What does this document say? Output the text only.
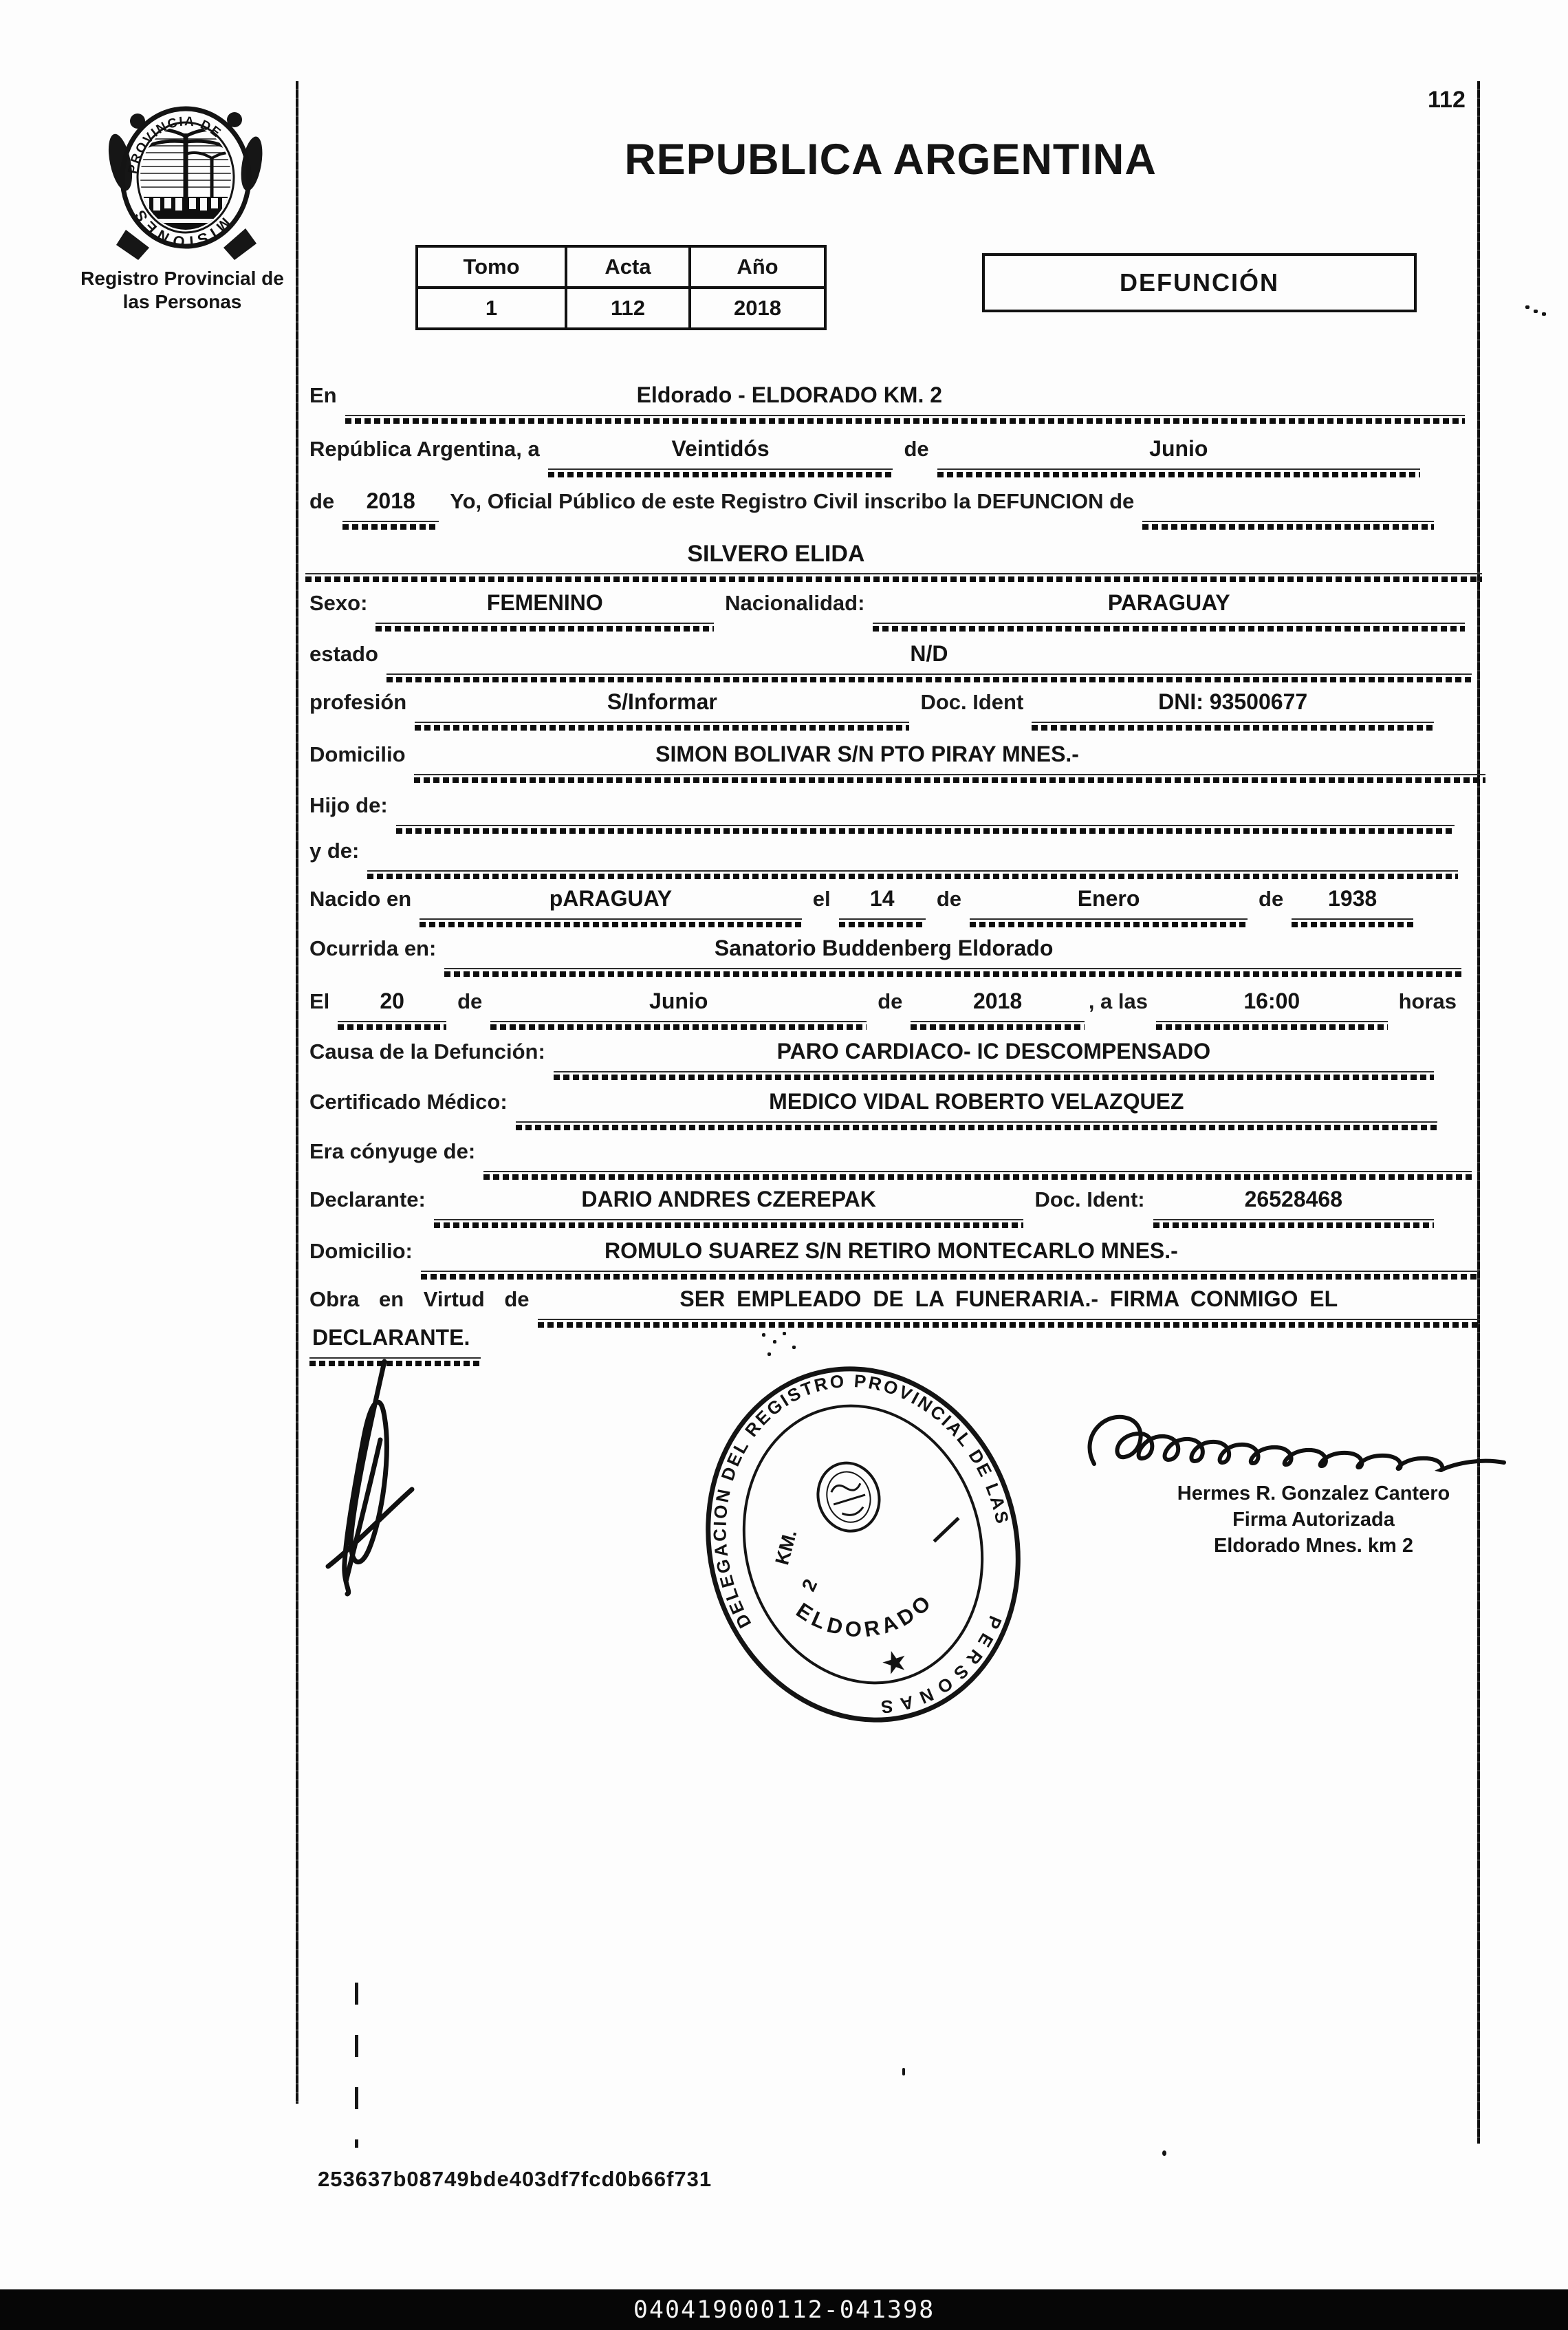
112
PROVINCIA DE
MISIONES
Registro Provincial de
las Personas
REPUBLICA ARGENTINA
Tomo	Acta	Año
1	112	2018
DEFUNCIÓN
En	Eldorado - ELDORADO KM. 2
República Argentina, a	Veintidós	de	Junio
de	2018	Yo, Oficial Público de este Registro Civil inscribo la DEFUNCION de
SILVERO ELIDA
Sexo:	FEMENINO	Nacionalidad:	PARAGUAY
estado	N/D
profesión	S/Informar	Doc. Ident	DNI: 93500677
Domicilio	SIMON BOLIVAR S/N PTO PIRAY MNES.-
Hijo de:
y de:
Nacido en	pARAGUAY	el	14	de	Enero	de	1938
Ocurrida en:	Sanatorio Buddenberg Eldorado
El	20	de	Junio	de	2018	, a las	16:00	horas
Causa de la Defunción:	PARO CARDIACO- IC DESCOMPENSADO
Certificado Médico:	MEDICO VIDAL ROBERTO VELAZQUEZ
Era cónyuge de:
Declarante:	DARIO ANDRES CZEREPAK	Doc. Ident:	26528468
Domicilio:	ROMULO SUAREZ S/N RETIRO MONTECARLO MNES.-
Obra en Virtud de	SER EMPLEADO DE LA FUNERARIA.- FIRMA CONMIGO EL
DECLARANTE.
DELEGACION DEL REGISTRO PROVINCIAL DE LAS
PERSONAS
KM.
2
ELDORADO
★
Hermes R. Gonzalez Cantero
Firma Autorizada
Eldorado Mnes. km 2
253637b08749bde403df7fcd0b66f731
040419000112-041398
